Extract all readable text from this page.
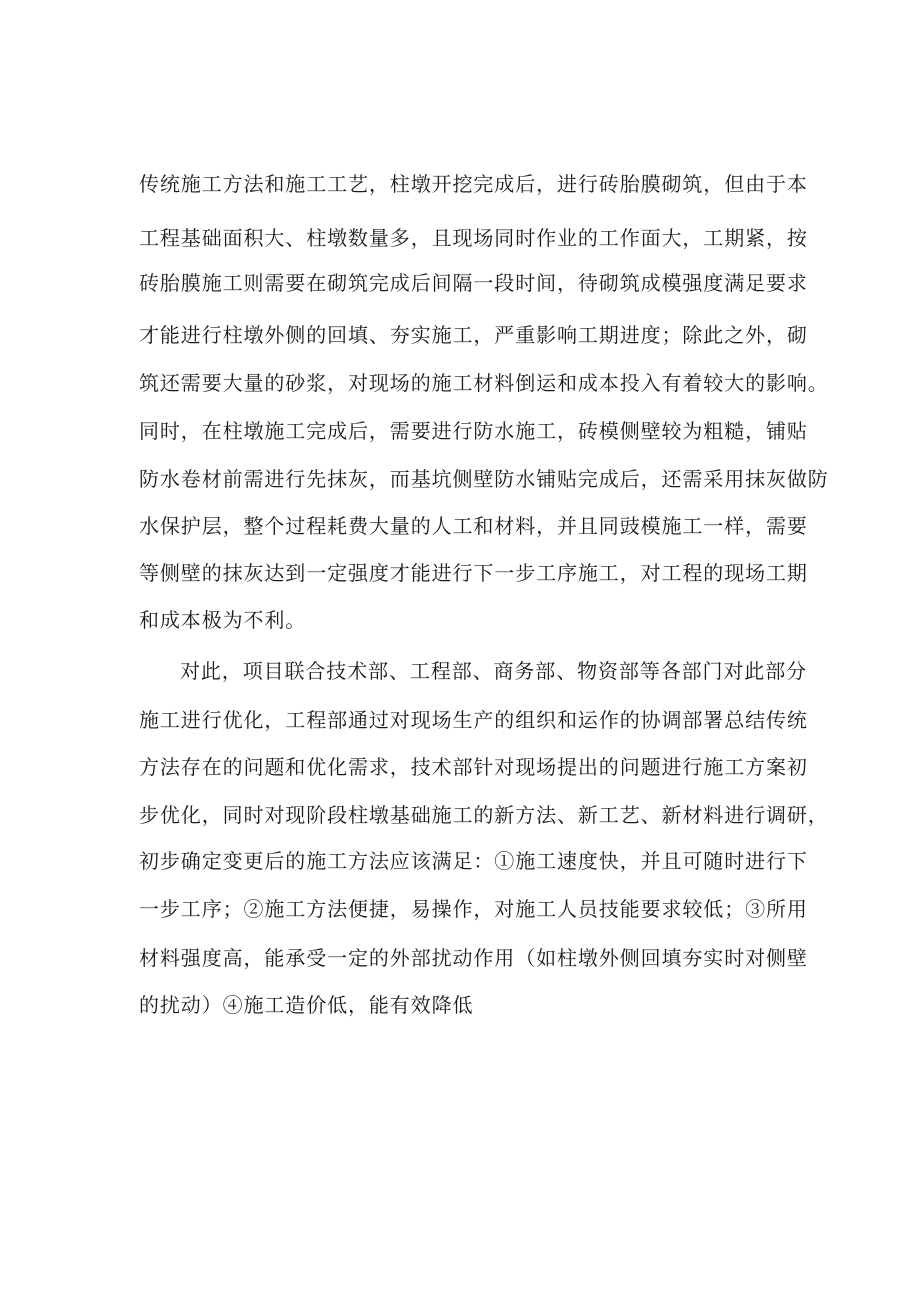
传统施工方法和施工工艺，柱墩开挖完成后，进行砖胎膜砌筑，但由于本

工程基础面积大、柱墩数量多，且现场同时作业的工作面大，工期紧，按

砖胎膜施工则需要在砌筑完成后间隔一段时间，待砌筑成模强度满足要求

才能进行柱墩外侧的回填、夯实施工，严重影响工期进度；除此之外，砌

筑还需要大量的砂浆，对现场的施工材料倒运和成本投入有着较大的影响。

同时，在柱墩施工完成后，需要进行防水施工，砖模侧壁较为粗糙，铺贴

防水卷材前需进行先抹灰，而基坑侧壁防水铺贴完成后，还需采用抹灰做防

水保护层，整个过程耗费大量的人工和材料，并且同豉模施工一样，需要

等侧壁的抹灰达到一定强度才能进行下一步工序施工，对工程的现场工期

和成本极为不利。

对此，项目联合技术部、工程部、商务部、物资部等各部门对此部分

施工进行优化，工程部通过对现场生产的组织和运作的协调部署总结传统

方法存在的问题和优化需求，技术部针对现场提出的问题进行施工方案初

步优化，同时对现阶段柱墩基础施工的新方法、新工艺、新材料进行调研，

初步确定变更后的施工方法应该满足：①施工速度快，并且可随时进行下

一步工序；②施工方法便捷，易操作，对施工人员技能要求较低；③所用

材料强度高，能承受一定的外部扰动作用（如柱墩外侧回填夯实时对侧壁

的扰动）④施工造价低，能有效降低
